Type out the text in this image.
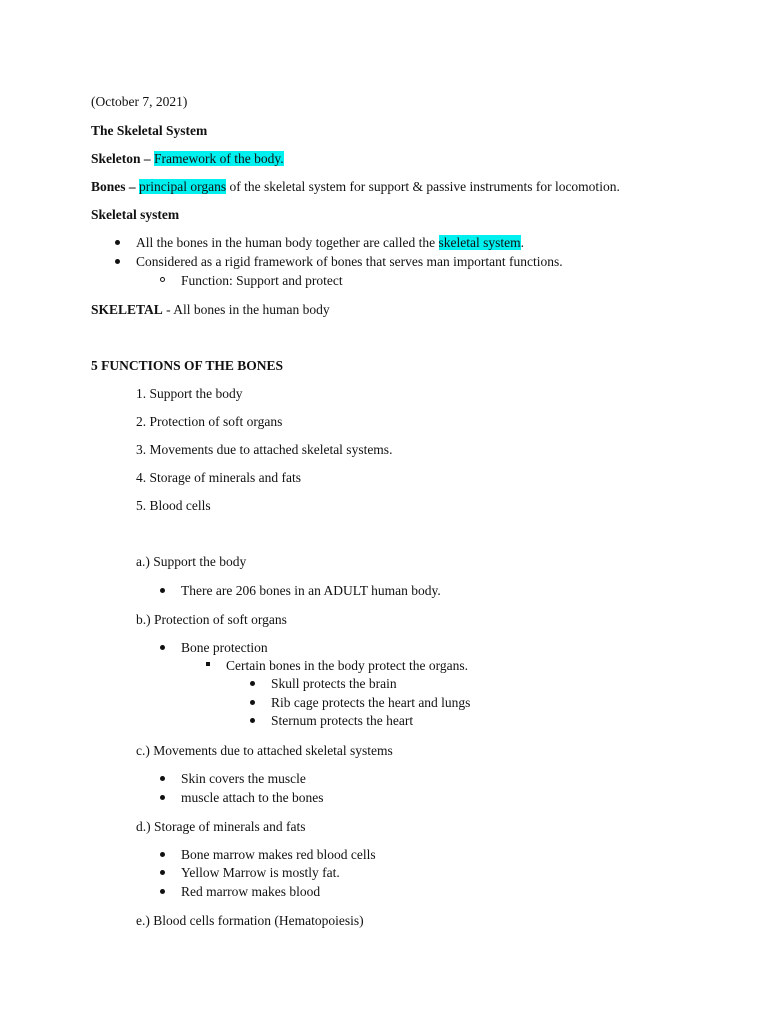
(October 7, 2021)
The Skeletal System
Skeleton – Framework of the body.
Bones – principal organs of the skeletal system for support & passive instruments for locomotion.
Skeletal system
All the bones in the human body together are called the skeletal system.
Considered as a rigid framework of bones that serves man important functions.
Function: Support and protect
SKELETAL - All bones in the human body
5 FUNCTIONS OF THE BONES
1. Support the body
2. Protection of soft organs
3. Movements due to attached skeletal systems.
4. Storage of minerals and fats
5. Blood cells
a.) Support the body
There are 206 bones in an ADULT human body.
b.) Protection of soft organs
Bone protection
Certain bones in the body protect the organs.
Skull protects the brain
Rib cage protects the heart and lungs
Sternum protects the heart
c.) Movements due to attached skeletal systems
Skin covers the muscle
muscle attach to the bones
d.) Storage of minerals and fats
Bone marrow makes red blood cells
Yellow Marrow is mostly fat.
Red marrow makes blood
e.) Blood cells formation (Hematopoiesis)
